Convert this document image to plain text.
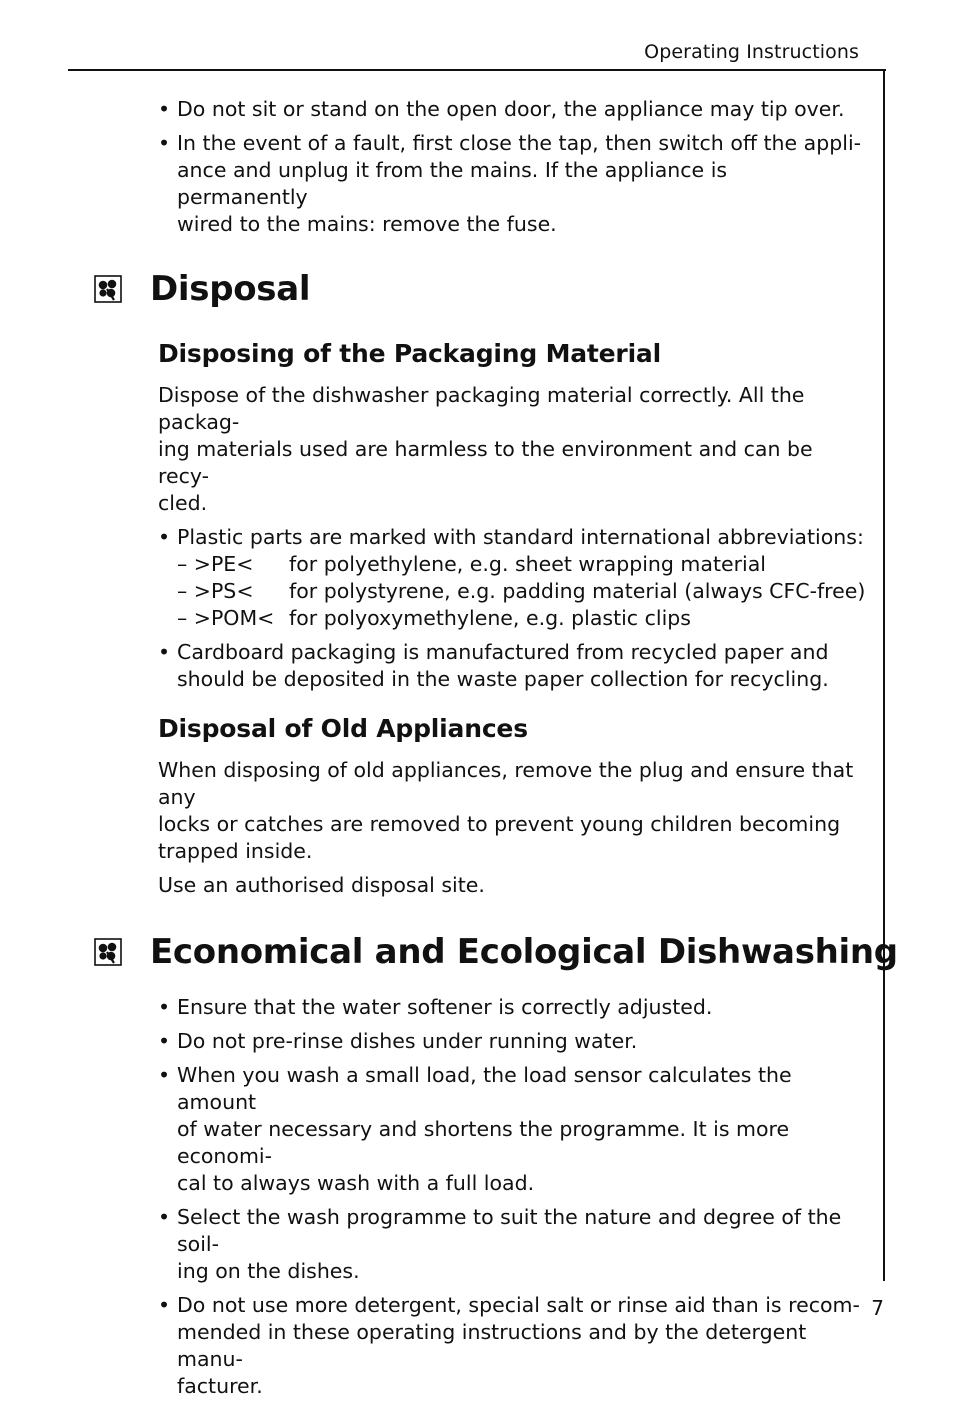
Operating Instructions
• Do not sit or stand on the open door, the appliance may tip over.
• In the event of a fault, first close the tap, then switch off the appli-
ance and unplug it from the mains. If the appliance is permanently
wired to the mains: remove the fuse.
Disposal
Disposing of the Packaging Material

Dispose of the dishwasher packaging material correctly. All the packag-
ing materials used are harmless to the environment and can be recy-
cled.

• Plastic parts are marked with standard international abbreviations:
– >PE< for polyethylene, e.g. sheet wrapping material
– >PS< for polystyrene, e.g. padding material (always CFC-free)
– >POM< for polyoxymethylene, e.g. plastic clips
• Cardboard packaging is manufactured from recycled paper and
should be deposited in the waste paper collection for recycling.
Disposal of Old Appliances

When disposing of old appliances, remove the plug and ensure that any
locks or catches are removed to prevent young children becoming
trapped inside.

Use an authorised disposal site.

Economical and Ecological Dishwashing
• Ensure that the water softener is correctly adjusted.
• Do not pre-rinse dishes under running water.
• When you wash a small load, the load sensor calculates the amount
of water necessary and shortens the programme. It is more economi-
cal to always wash with a full load.
• Select the wash programme to suit the nature and degree of the soil-
ing on the dishes.
• Do not use more detergent, special salt or rinse aid than is recom-
mended in these operating instructions and by the detergent manu-
facturer.
7
